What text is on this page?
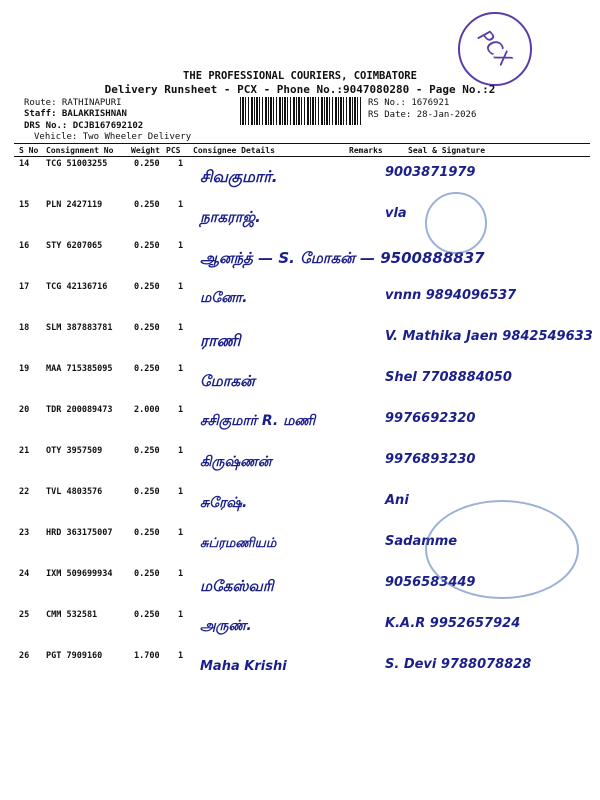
PCX
THE PROFESSIONAL COURIERS, COIMBATORE
Delivery Runsheet - PCX - Phone No.:9047080280 - Page No.:2
Route: RATHINAPURI
Staff: BALAKRISHNAN
DRS No.: DCJB167692102
Vehicle: Two Wheeler Delivery
RS No.: 1676921
RS Date: 28-Jan-2026
S No Consignment No Weight PCS Consignee Details	Remarks	Seal & Signature
14 TCG 51003255	0.250 1
சிவகுமார்.	9003871979
15 PLN 2427119	0.250 1
நாகராஜ்.	vla
16 STY 6207065	0.250 1
ஆனந்த் — S. மோகன் — 9500888837
17 TCG 42136716	0.250 1
மனோ.	vnnn 9894096537
18 SLM 387883781	0.250 1
ராணி	V. Mathika Jaen 9842549633
19 MAA 715385095	0.250 1
மோகன்	Shel 7708884050
20 TDR 200089473	2.000 1
சசிகுமார் R. மணி	9976692320
21 OTY 3957509	0.250 1
கிருஷ்ணன்	9976893230
22 TVL 4803576	0.250 1
சுரேஷ்.	Ani
23 HRD 363175007	0.250 1
சுப்ரமணியம்	Sadamme
24 IXM 509699934	0.250 1
மகேஸ்வரி	9056583449
25 CMM 532581	0.250 1
அருண்.	K.A.R 9952657924
26 PGT 7909160	1.700 1
Maha Krishi	S. Devi 9788078828
